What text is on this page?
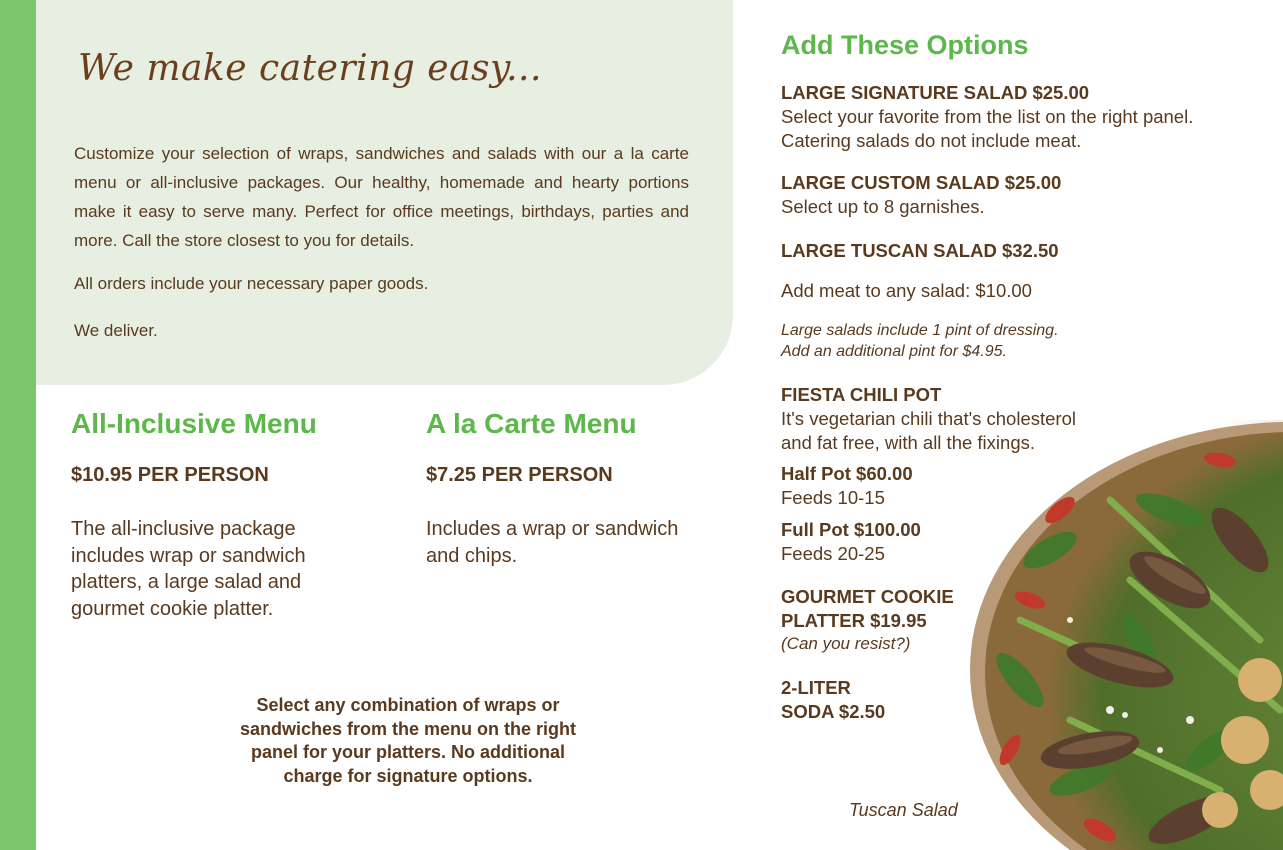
We make catering easy...

Customize your selection of wraps, sandwiches and salads with our a la carte menu or all-inclusive packages. Our healthy, homemade and hearty portions make it easy to serve many. Perfect for office meetings, birthdays, parties and more. Call the store closest to you for details.

All orders include your necessary paper goods.

We deliver.

All-Inclusive Menu

$10.95 PER PERSON

The all-inclusive package
includes wrap or sandwich
platters, a large salad and
gourmet cookie platter.
A la Carte Menu

$7.25 PER PERSON

Includes a wrap or sandwich
and chips.
Select any combination of wraps or
sandwiches from the menu on the right
panel for your platters. No additional
charge for signature options.
Add These Options

LARGE SIGNATURE SALAD $25.00

Select your favorite from the list on the right panel.

Catering salads do not include meat.

LARGE CUSTOM SALAD $25.00

Select up to 8 garnishes.

LARGE TUSCAN SALAD $32.50

Add meat to any salad: $10.00

Large salads include 1 pint of dressing.

Add an additional pint for $4.95.

FIESTA CHILI POT

It's vegetarian chili that's cholesterol

and fat free, with all the fixings.

Half Pot $60.00

Feeds 10-15

Full Pot $100.00

Feeds 20-25

GOURMET COOKIE

PLATTER $19.95

(Can you resist?)

2-LITER

SODA $2.50

Tuscan Salad
